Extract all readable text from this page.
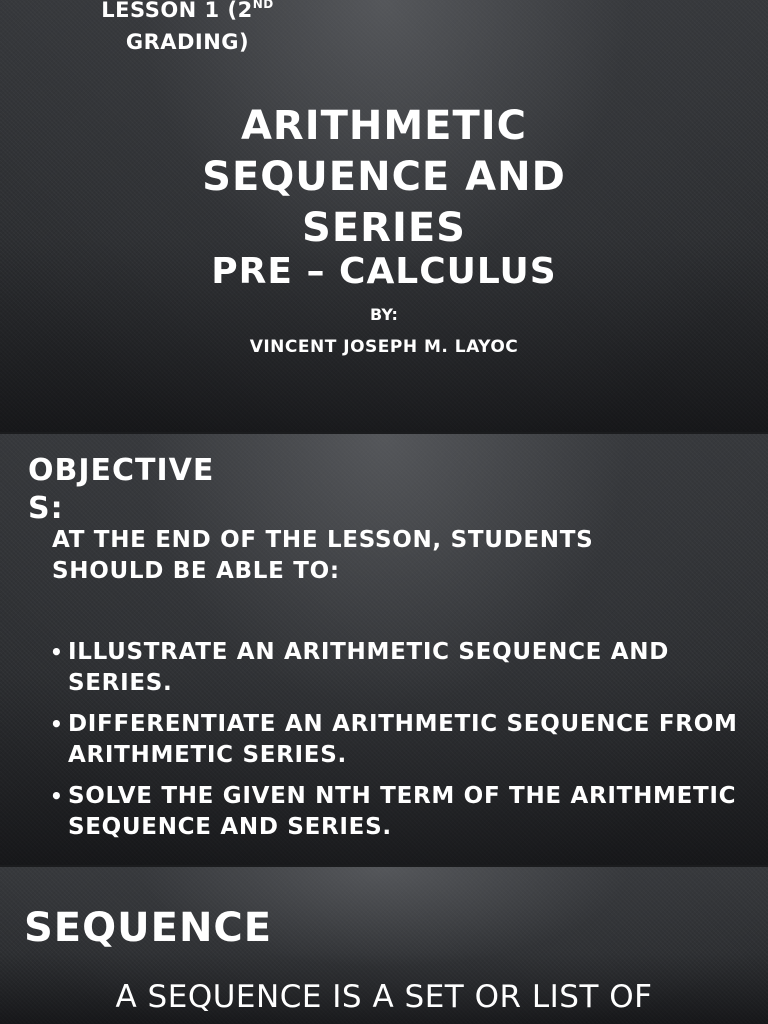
LESSON 1 (2ND
GRADING)
ARITHMETIC SEQUENCE AND SERIES
PRE – CALCULUS
BY:
VINCENT JOSEPH M. LAYOC
OBJECTIVES:
AT THE END OF THE LESSON, STUDENTS SHOULD BE ABLE TO:
• ILLUSTRATE AN ARITHMETIC SEQUENCE AND SERIES.
• DIFFERENTIATE AN ARITHMETIC SEQUENCE FROM ARITHMETIC SERIES.
• SOLVE THE GIVEN NTH TERM OF THE ARITHMETIC SEQUENCE AND SERIES.
SEQUENCE
A SEQUENCE IS A SET OR LIST OF
